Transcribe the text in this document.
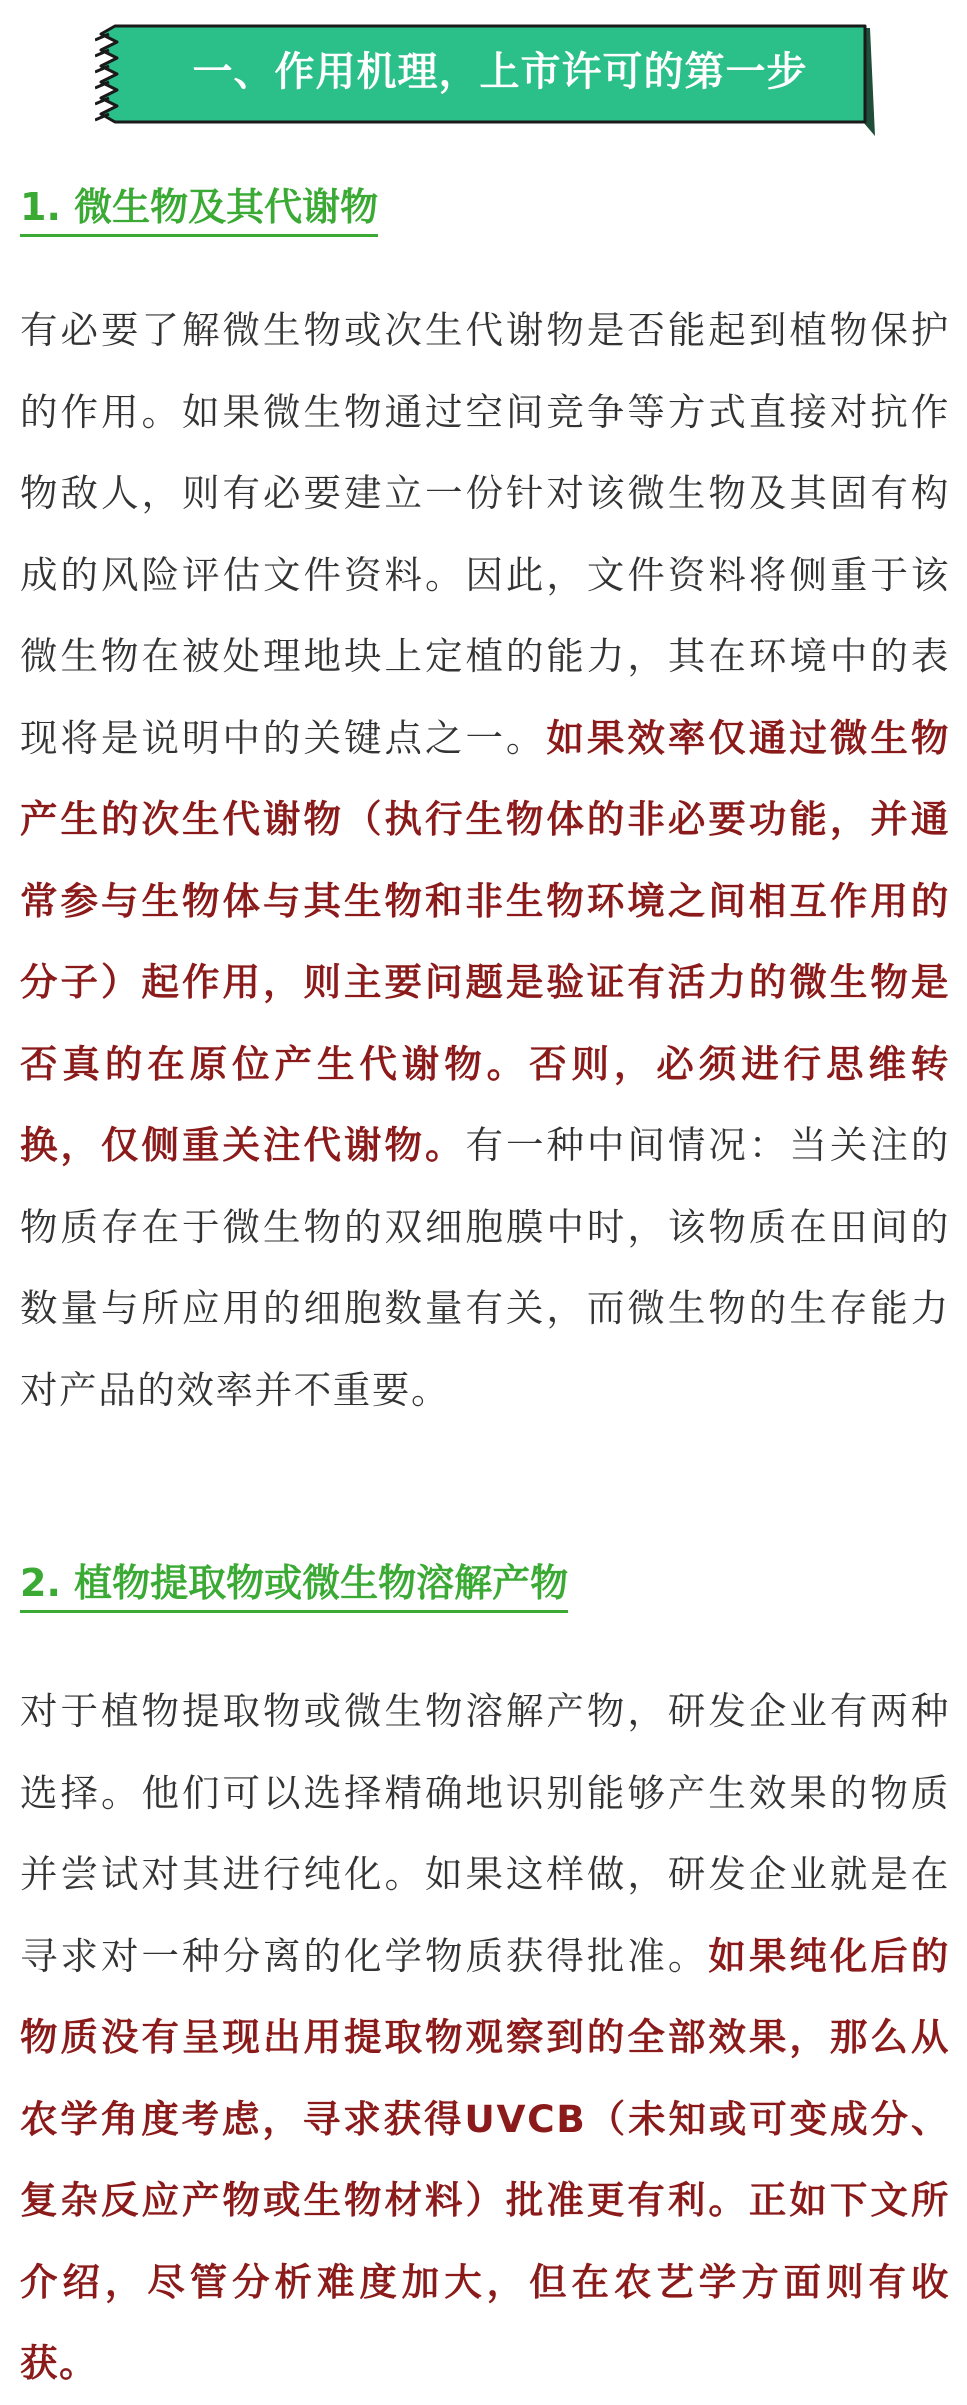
一、作用机理，上市许可的第一步
1. 微生物及其代谢物
有必要了解微生物或次生代谢物是否能起到植物保护的作用。如果微生物通过空间竞争等方式直接对抗作物敌人，则有必要建立一份针对该微生物及其固有构成的风险评估文件资料。因此，文件资料将侧重于该微生物在被处理地块上定植的能力，其在环境中的表现将是说明中的关键点之一。如果效率仅通过微生物产生的次生代谢物（执行生物体的非必要功能，并通常参与生物体与其生物和非生物环境之间相互作用的分子）起作用，则主要问题是验证有活力的微生物是否真的在原位产生代谢物。否则，必须进行思维转换，仅侧重关注代谢物。有一种中间情况：当关注的物质存在于微生物的双细胞膜中时，该物质在田间的数量与所应用的细胞数量有关，而微生物的生存能力对产品的效率并不重要。
2. 植物提取物或微生物溶解产物
对于植物提取物或微生物溶解产物，研发企业有两种选择。他们可以选择精确地识别能够产生效果的物质并尝试对其进行纯化。如果这样做，研发企业就是在寻求对一种分离的化学物质获得批准。如果纯化后的物质没有呈现出用提取物观察到的全部效果，那么从农学角度考虑，寻求获得UVCB（未知或可变成分、复杂反应产物或生物材料）批准更有利。正如下文所介绍，尽管分析难度加大，但在农艺学方面则有收获。
